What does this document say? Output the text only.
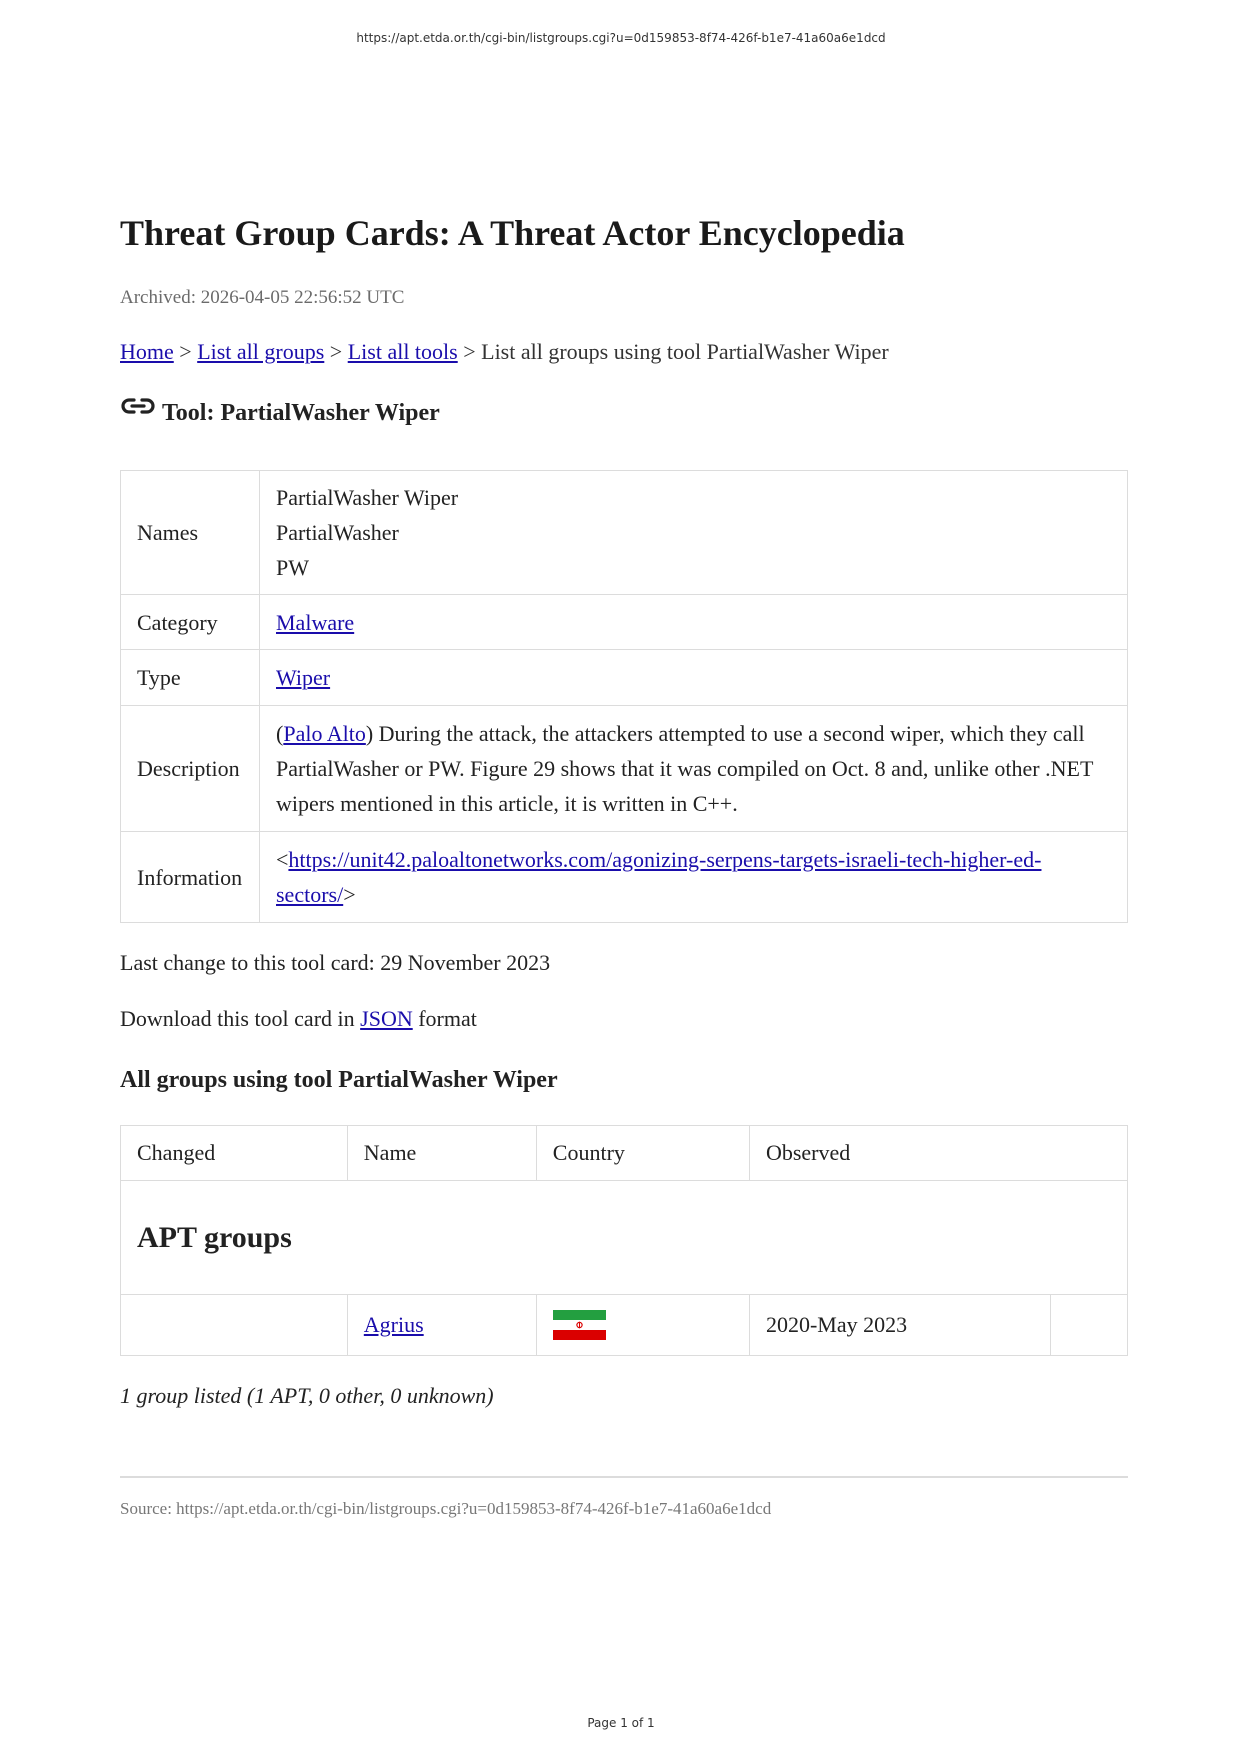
https://apt.etda.or.th/cgi-bin/listgroups.cgi?u=0d159853-8f74-426f-b1e7-41a60a6e1dcd
Threat Group Cards: A Threat Actor Encyclopedia
Archived: 2026-04-05 22:56:52 UTC
Home > List all groups > List all tools > List all groups using tool PartialWasher Wiper
Tool: PartialWasher Wiper
Names	PartialWasher Wiper
PartialWasher
PW

Category	Malware
Type	Wiper
Description	(Palo Alto) During the attack, the attackers attempted to use a second wiper, which they call PartialWasher or PW. Figure 29 shows that it was compiled on Oct. 8 and, unlike other .NET wipers mentioned in this article, it is written in C++.
Information	<https://unit42.paloaltonetworks.com/agonizing-serpens-targets-israeli-tech-higher-ed-sectors/>
Last change to this tool card: 29 November 2023
Download this tool card in JSON format
All groups using tool PartialWasher Wiper
Changed	Name	Country	Observed	
APT groups				
	Agrius		2020-May 2023	
1 group listed (1 APT, 0 other, 0 unknown)
Source: https://apt.etda.or.th/cgi-bin/listgroups.cgi?u=0d159853-8f74-426f-b1e7-41a60a6e1dcd
Page 1 of 1
